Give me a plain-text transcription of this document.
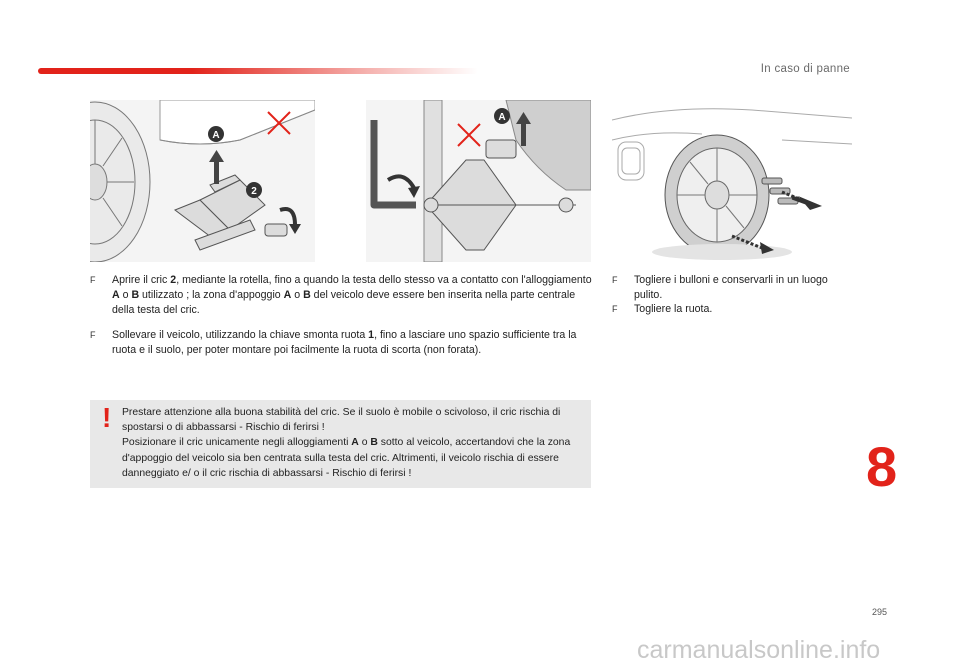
In caso di panne
A
2
A
F	Aprire il cric 2, mediante la rotella, fino a quando la testa dello stesso va a contatto con l'alloggiamento A o B utilizzato ; la zona d'appoggio A o B del veicolo deve essere ben inserita nella parte centrale della testa del cric.
F	Sollevare il veicolo, utilizzando la chiave smonta ruota 1, fino a lasciare uno spazio sufficiente tra la ruota e il suolo, per poter montare poi facilmente la ruota di scorta (non forata).
F	Togliere i bulloni e conservarli in un luogo pulito.
F	Togliere la ruota.
! Prestare attenzione alla buona stabilità del cric. Se il suolo è mobile o scivoloso, il cric rischia di spostarsi o di abbassarsi - Rischio di ferirsi !
Posizionare il cric unicamente negli alloggiamenti A o B sotto al veicolo, accertandovi che la zona d'appoggio del veicolo sia ben centrata sulla testa del cric. Altrimenti, il veicolo rischia di essere danneggiato e/ o il cric rischia di abbassarsi - Rischio di ferirsi !	8
295
carmanualsonline.info
